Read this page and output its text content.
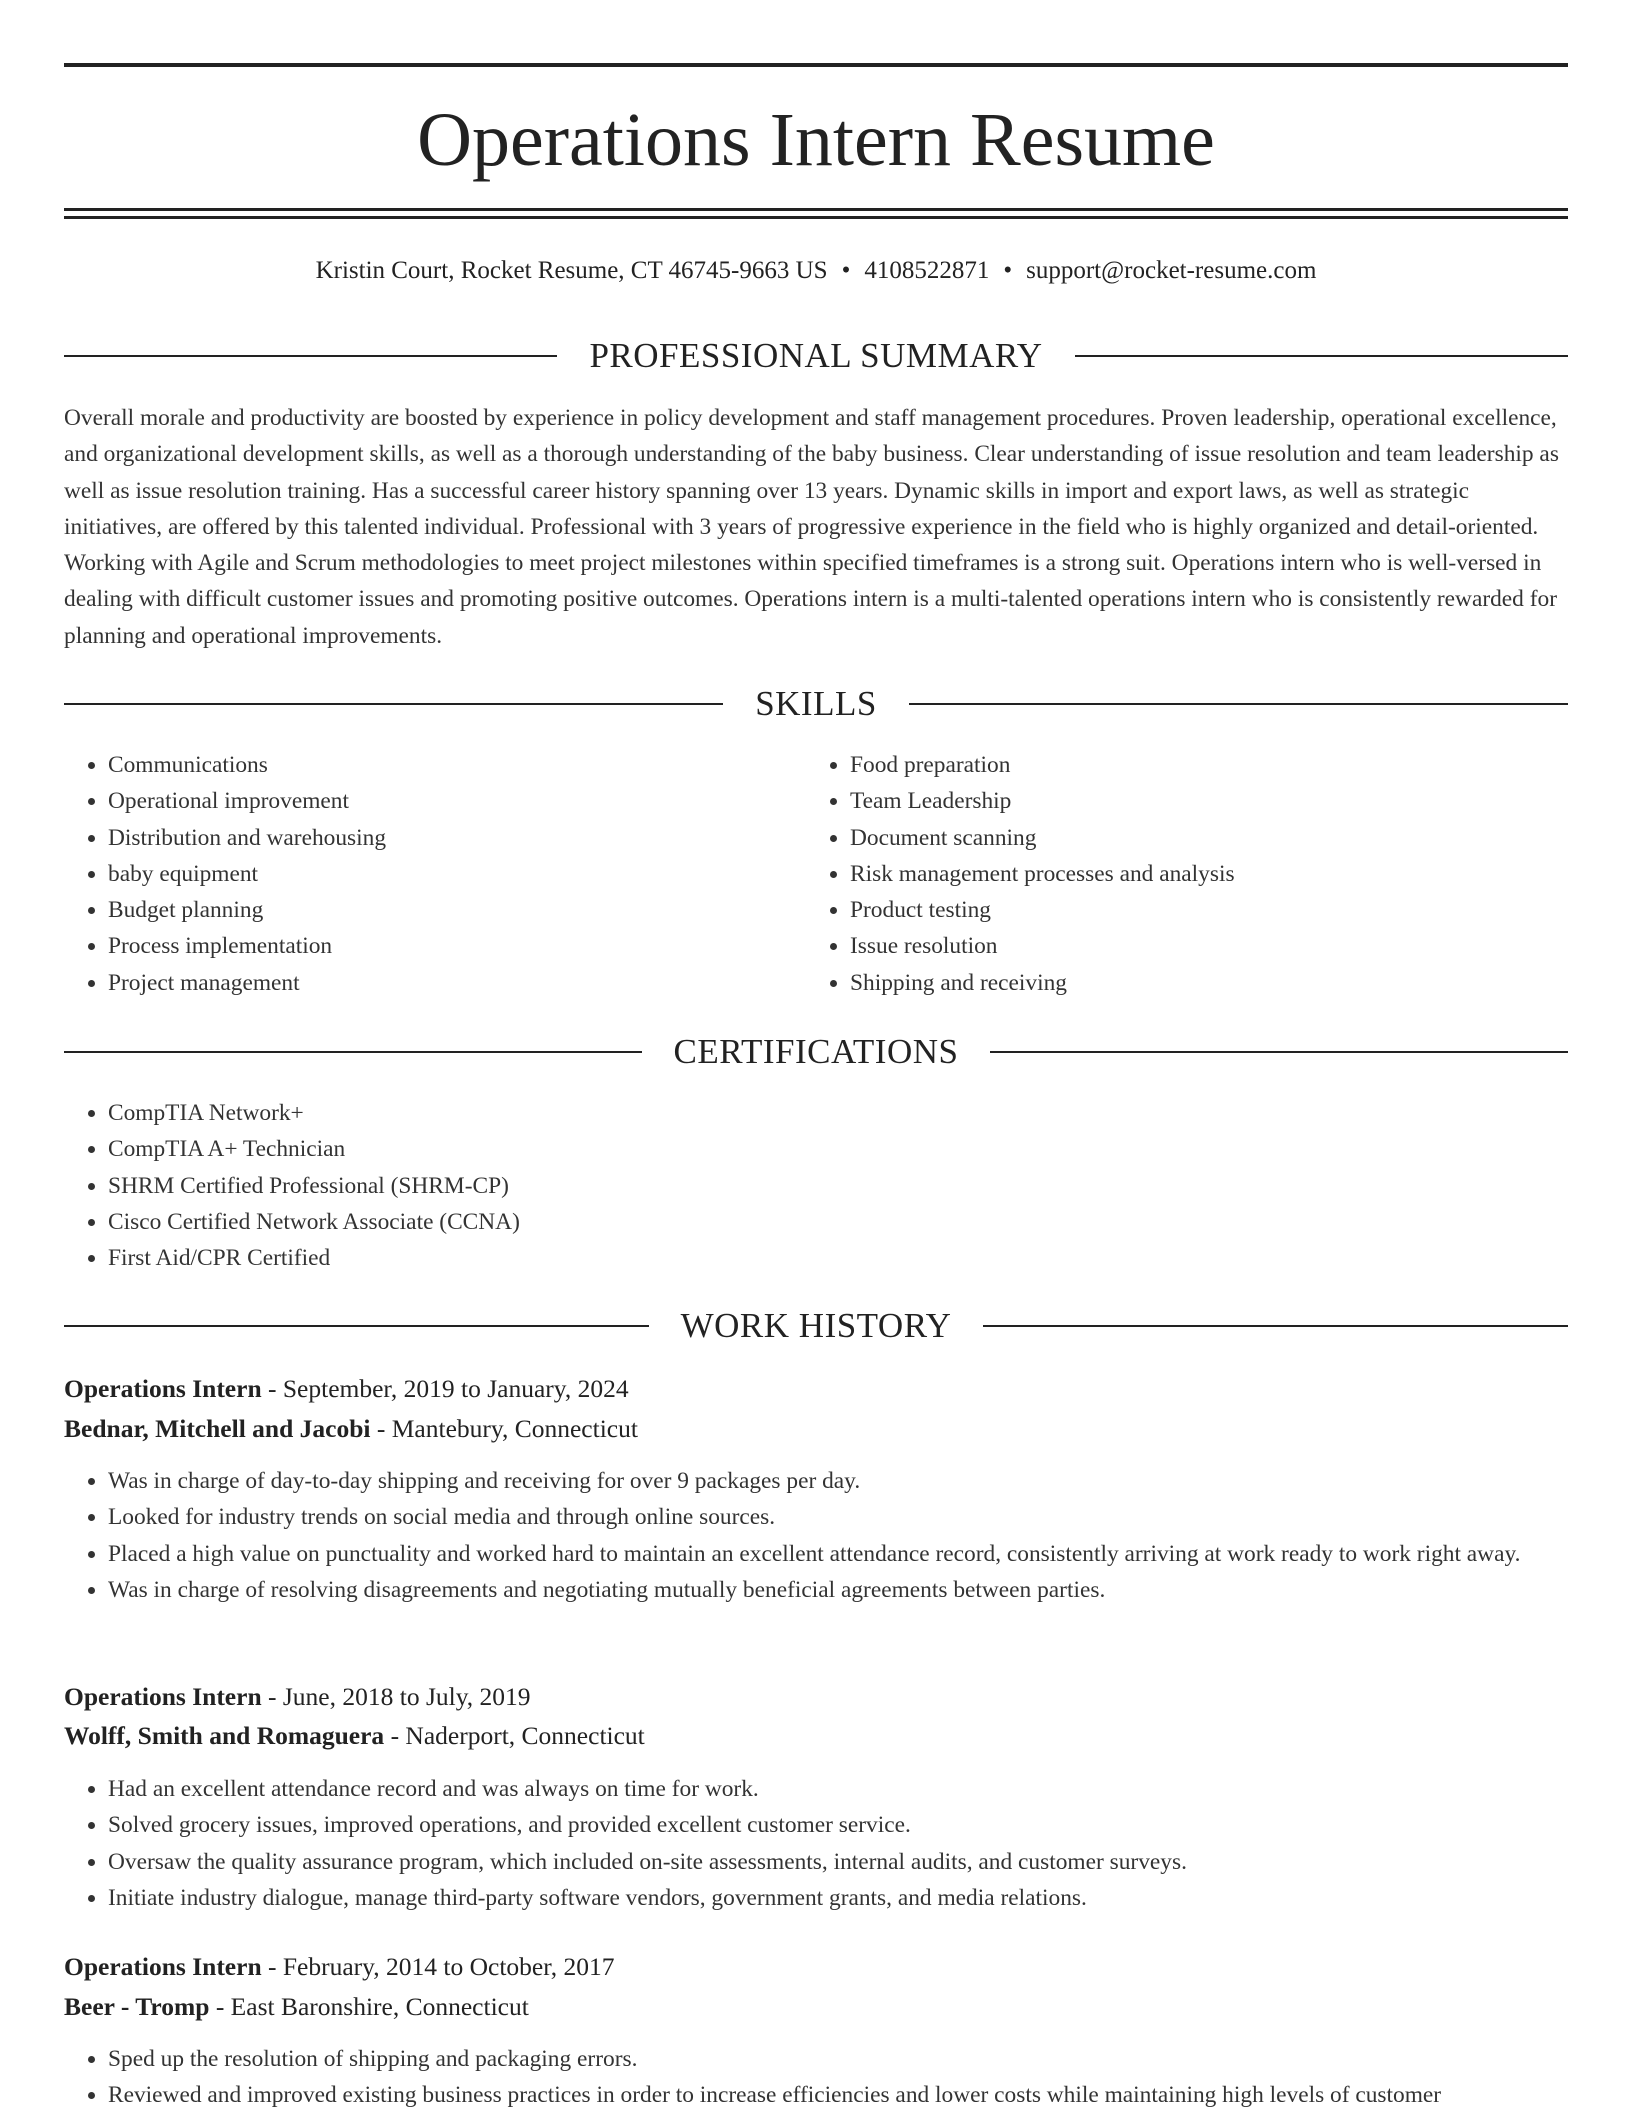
Operations Intern Resume
Kristin Court, Rocket Resume, CT 46745-9663 US • 4108522871 • support@rocket-resume.com
PROFESSIONAL SUMMARY
Overall morale and productivity are boosted by experience in policy development and staff management procedures. Proven leadership, operational excellence, and organizational development skills, as well as a thorough understanding of the baby business. Clear understanding of issue resolution and team leadership as well as issue resolution training. Has a successful career history spanning over 13 years. Dynamic skills in import and export laws, as well as strategic initiatives, are offered by this talented individual. Professional with 3 years of progressive experience in the field who is highly organized and detail-oriented. Working with Agile and Scrum methodologies to meet project milestones within specified timeframes is a strong suit. Operations intern who is well-versed in dealing with difficult customer issues and promoting positive outcomes. Operations intern is a multi-talented operations intern who is consistently rewarded for planning and operational improvements.
SKILLS
• Communications
• Operational improvement
• Distribution and warehousing
• baby equipment
• Budget planning
• Process implementation
• Project management
• Food preparation
• Team Leadership
• Document scanning
• Risk management processes and analysis
• Product testing
• Issue resolution
• Shipping and receiving
CERTIFICATIONS
• CompTIA Network+
• CompTIA A+ Technician
• SHRM Certified Professional (SHRM-CP)
• Cisco Certified Network Associate (CCNA)
• First Aid/CPR Certified
WORK HISTORY
Operations Intern - September, 2019 to January, 2024
Bednar, Mitchell and Jacobi - Mantebury, Connecticut
• Was in charge of day-to-day shipping and receiving for over 9 packages per day.
• Looked for industry trends on social media and through online sources.
• Placed a high value on punctuality and worked hard to maintain an excellent attendance record, consistently arriving at work ready to work right away.
• Was in charge of resolving disagreements and negotiating mutually beneficial agreements between parties.
Operations Intern - June, 2018 to July, 2019
Wolff, Smith and Romaguera - Naderport, Connecticut
• Had an excellent attendance record and was always on time for work.
• Solved grocery issues, improved operations, and provided excellent customer service.
• Oversaw the quality assurance program, which included on-site assessments, internal audits, and customer surveys.
• Initiate industry dialogue, manage third-party software vendors, government grants, and media relations.
Operations Intern - February, 2014 to October, 2017
Beer - Tromp - East Baronshire, Connecticut
• Sped up the resolution of shipping and packaging errors.
• Reviewed and improved existing business practices in order to increase efficiencies and lower costs while maintaining high levels of customer
